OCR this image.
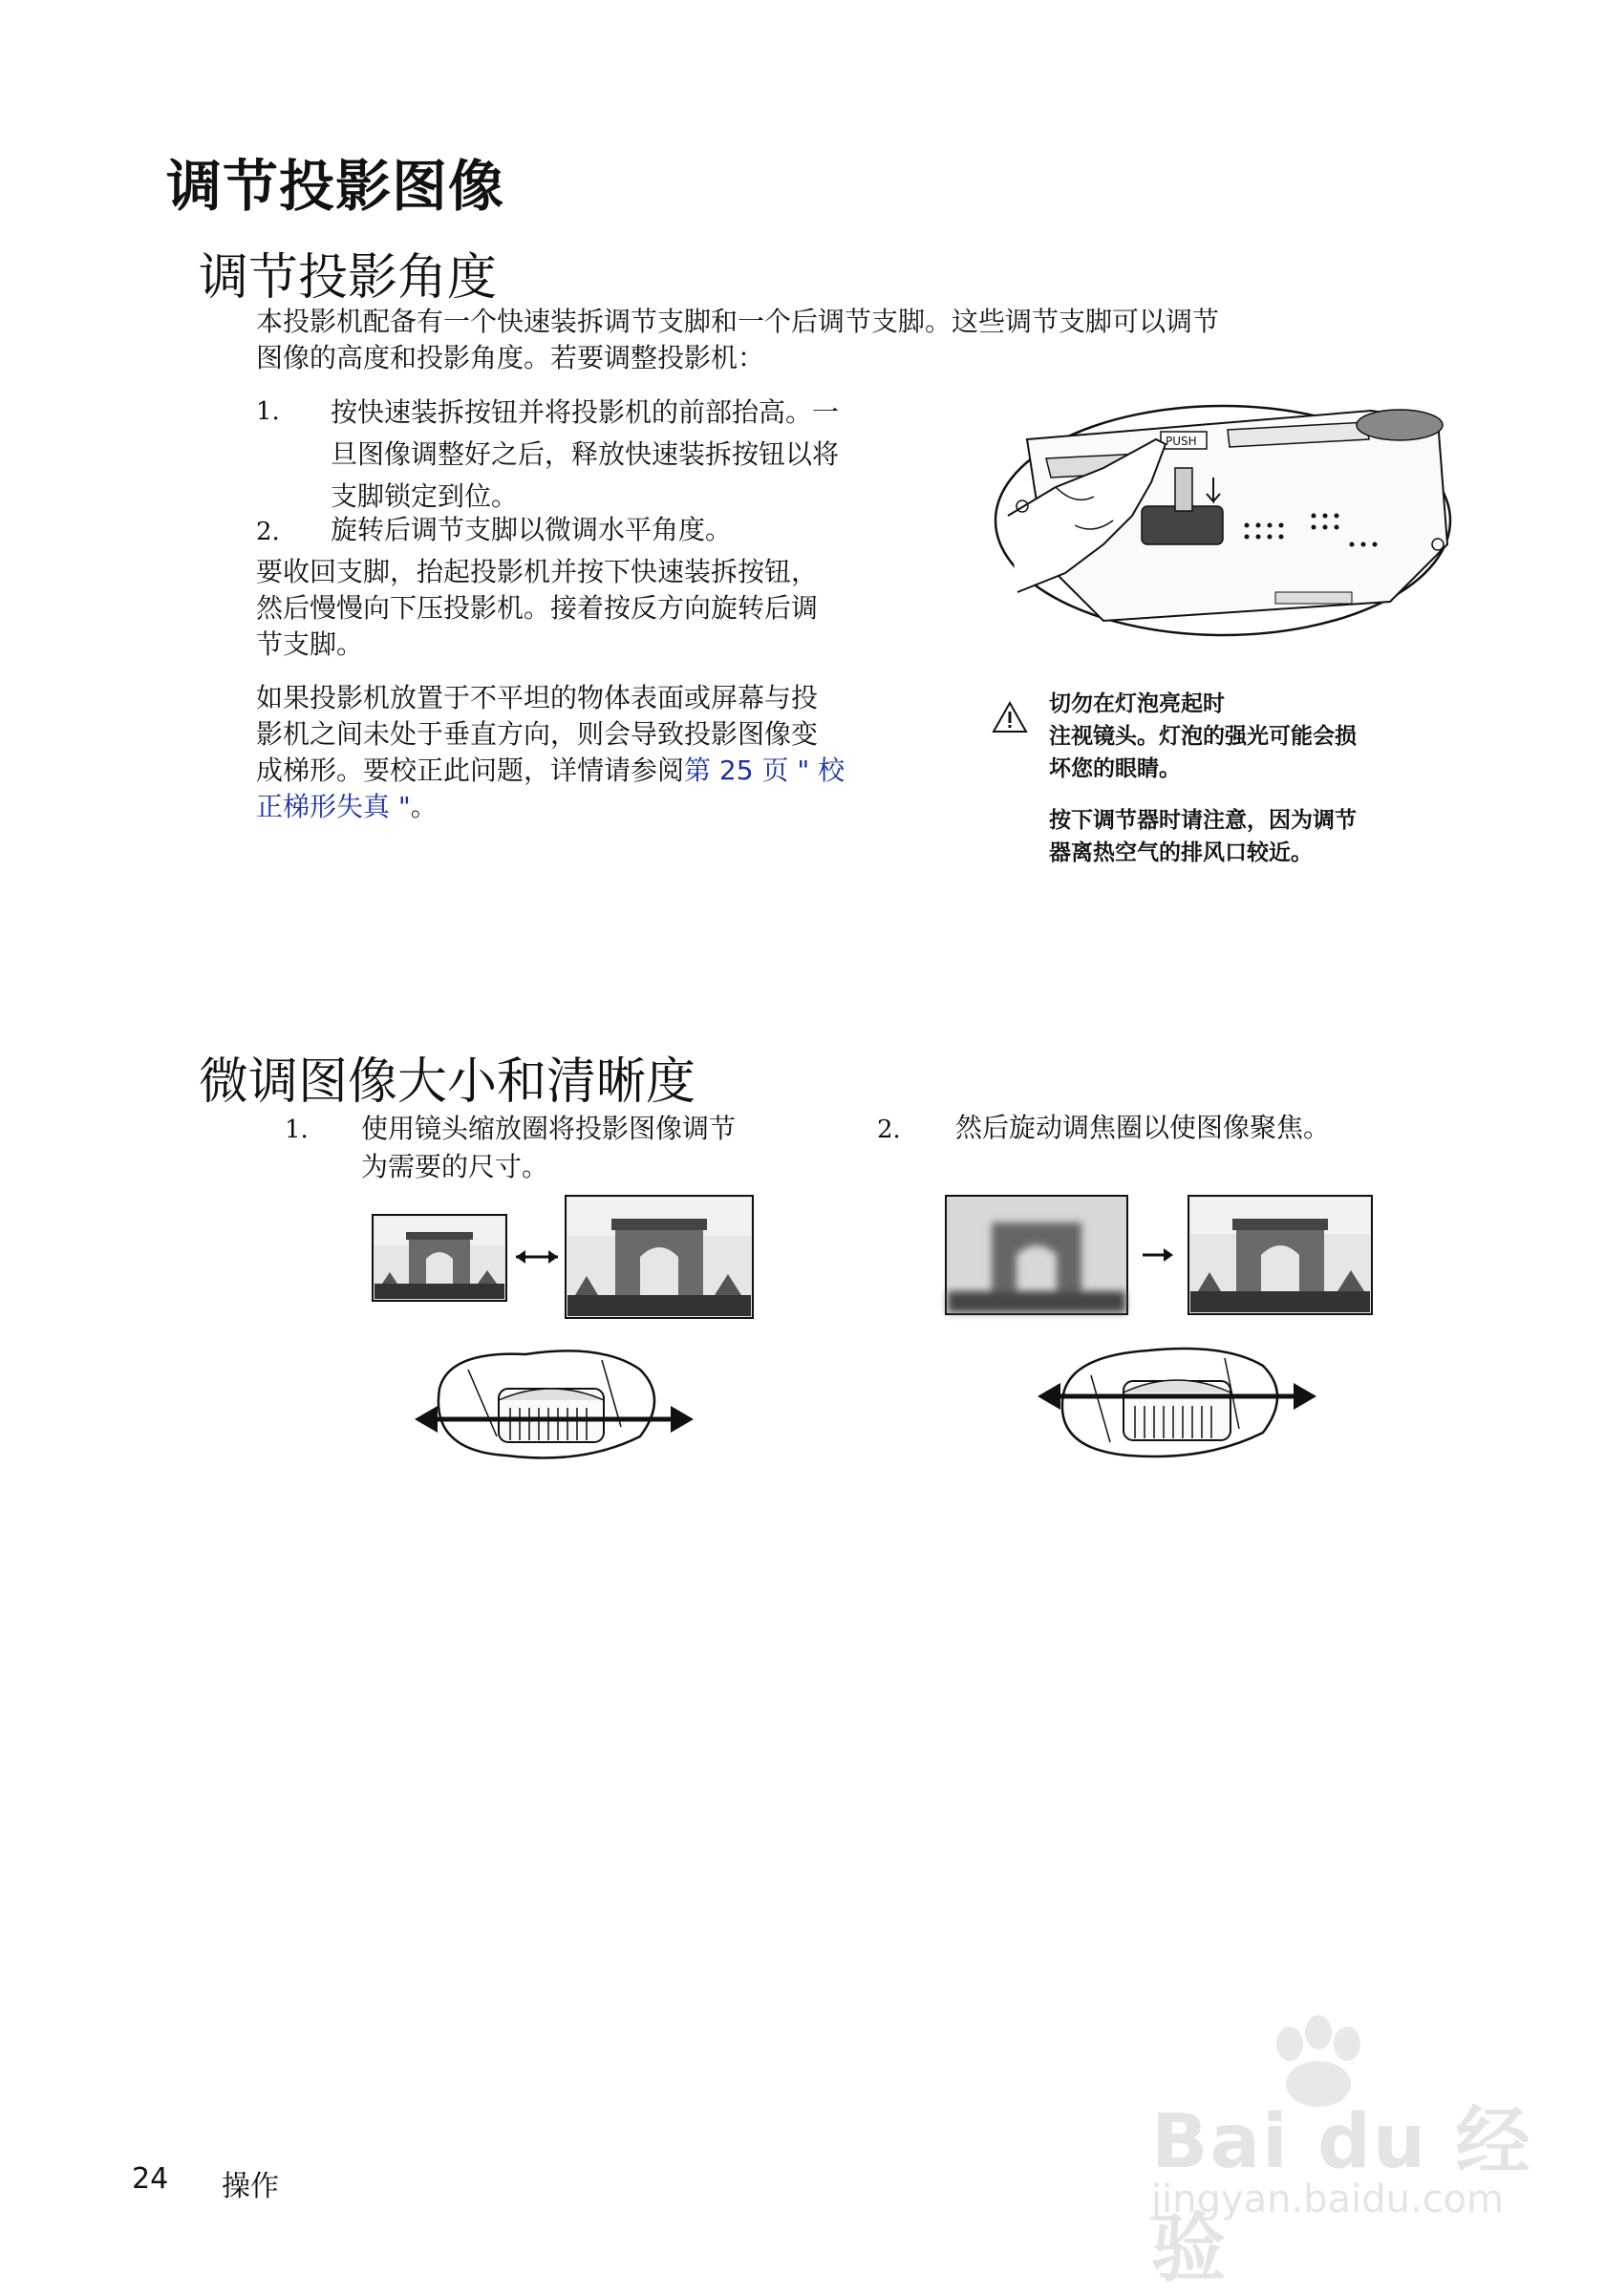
调节投影图像
调节投影角度
本投影机配备有一个快速装拆调节支脚和一个后调节支脚。这些调节支脚可以调节
图像的高度和投影角度。若要调整投影机：
1. 按快速装拆按钮并将投影机的前部抬高。一
旦图像调整好之后，释放快速装拆按钮以将
支脚锁定到位。
2. 旋转后调节支脚以微调水平角度。
要收回支脚，抬起投影机并按下快速装拆按钮，
然后慢慢向下压投影机。接着按反方向旋转后调
节支脚。
如果投影机放置于不平坦的物体表面或屏幕与投
影机之间未处于垂直方向，则会导致投影图像变
成梯形。要校正此问题，详情请参阅第 25 页 " 校
正梯形失真 "。
PUSH
切勿在灯泡亮起时
注视镜头。灯泡的强光可能会损
坏您的眼睛。
按下调节器时请注意，因为调节
器离热空气的排风口较近。
微调图像大小和清晰度
1. 使用镜头缩放圈将投影图像调节
为需要的尺寸。
2. 然后旋动调焦圈以使图像聚焦。
Bai du 经验
jingyan.baidu.com
24 操作
